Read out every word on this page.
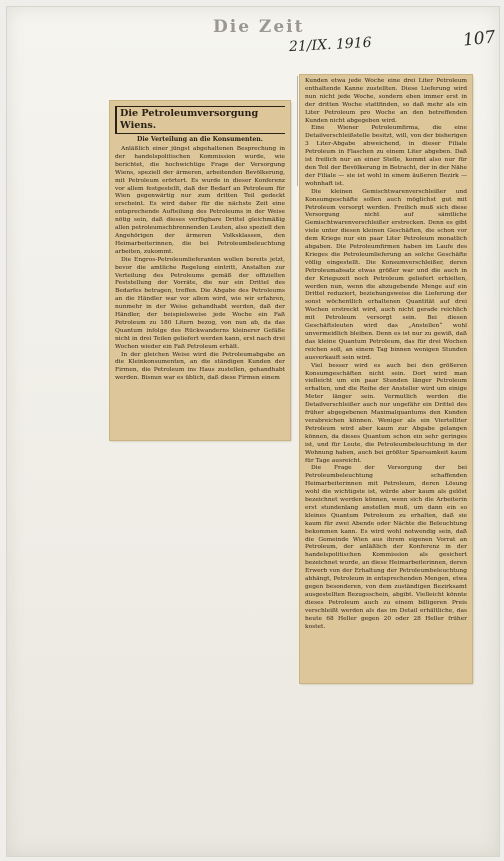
Die Zeit
21/IX. 1916	107
Die Petroleumversorgung Wiens.
Die Verteilung an die Konsumenten.

Anläßlich einer jüngst abgehaltenen Besprechung in der handelspolitischen Kommission wurde, wie berichtet, die hochwichtige Frage der Versorgung Wiens, speziell der ärmeren, arbeitenden Bevölkerung, mit Petroleum erörtert. Es wurde in dieser Konferenz vor allem festgestellt, daß der Bedarf an Petroleum für Wien gegenwärtig nur zum dritten Teil gedeckt erscheint. Es wird daher für die nächste Zeit eine entsprechende Aufteilung des Petroleums in der Weise nötig sein, daß dieses verfügbare Drittel gleichmäßig allen petroleumschbrennenden Leuten, also speziell den Angehörigen der ärmeren Volksklassen, den Heimarbeiterinnen, die bei Petroleumbeleuchtung arbeiten, zukommt.

Die Engros-Petroleumlieferanten wollen bereits jetzt, bevor die amtliche Regelung eintritt, Anstalten zur Verteilung des Petroleums gemäß der offiziellen Feststellung der Vorräte, die nur ein Drittel des Bedarfes betragen, treffen. Die Abgabe des Petroleums an die Händler war vor allem wird, wie wir erfahren, nunmehr in der Weise gehandhabt werden, daß der Händler, der beispielsweise jede Woche ein Faß Petroleum zu 180 Litern bezog, von nun ab, da das Quantum infolge des Rückwanderns kleinerer Gefäße nicht in drei Teilen geliefert werden kann, erst nach drei Wochen wieder ein Faß Petroleum erhält.

In der gleichen Weise wird die Petroleumabgabe an die Kleinkonsumenten, an die ständigen Kunden der Firmen, die Petroleum ins Haus zustellen, gehandhabt werden. Bisnun war es üblich, daß diese Firmen einem

Kunden etwa jede Woche eine drei Liter Petroleum enthaltende Kanne zustellten. Diese Lieferung wird nun nicht jede Woche, sondern eben immer erst in der dritten Woche stattfinden, so daß mehr als ein Liter Petroleum pro Woche an den betreffenden Kunden nicht abgegeben wird.

Eine Wiener Petroleumfirma, die eine Detailverschleißstelle besitzt, will, von der bisherigen 3 Liter-Abgabe abweichend, in dieser Filiale Petroleum in Flaschen zu einem Liter abgeben. Daß ist freilich nur an einer Stelle, kommt also nur für den Teil der Bevölkerung in Betracht, der in der Nähe der Filiale — sie ist wohl in einem äußeren Bezirk — wohnhaft ist.

Die kleinen Gemischtwarenverschleißer und Konsumgeschäfte sollen auch möglichst gut mit Petroleum versorgt werden. Freilich muß sich diese Versorgung nicht auf sämtliche Gemischtwarenverschleißer erstrecken. Denn es gibt viele unter diesen kleinen Geschäften, die schon vor dem Kriege nur ein paar Liter Petroleum monatlich abgaben. Die Petroleumfirmen haben im Laufe des Krieges die Petroleumlieferung an solche Geschäfte völlig eingestellt. Die Konsumverschleißer, deren Petroleumabsatz etwas größer war und die auch in der Kriegszeit noch Petroleum geliefert erhielten, werden nun, wenn die abzugebende Menge auf ein Drittel reduziert, beziehungsweise die Lieferung der sonst wöchentlich erhaltenen Quantität auf drei Wochen erstreckt wird, auch nicht gerade reichlich mit Petroleum versorgt sein. Bei diesen Geschäftsleuten wird das „Anstellen“ wohl unvermeidlich bleiben. Denn es ist nur zu gewiß, daß das kleine Quantum Petroleum, das für drei Wochen reichen soll, an einem Tag binnen wenigen Stunden ausverkauft sein wird.

Viel besser wird es auch bei den größeren Konsumgeschäften nicht sein. Dort wird man vielleicht um ein paar Stunden länger Petroleum erhalten, und die Reihe der Ansteller wird um einige Meter länger sein. Vermutlich werden die Detailverschleißer auch nur ungefähr ein Drittel des früher abgegebenen Maximalquantums den Kunden verabreichen können. Weniger als ein Viertelliter Petroleum wird aber kaum zur Abgabe gelangen können, da dieses Quantum schon ein sehr geringes ist, und für Leute, die Petroleumbeleuchtung in der Wohnung haben, auch bei größter Sparsamkeit kaum für Tage ausreicht.

Die Frage der Versorgung der bei Petroleumbeleuchtung schaffenden Heimarbeiterinnen mit Petroleum, deren Lösung wohl die wichtigste ist, würde aber kaum als gelöst bezeichnet werden können, wenn sich die Arbeiterin erst stundenlang anstellen muß, um dann ein so kleines Quantum Petroleum zu erhalten, daß sie kaum für zwei Abende oder Nächte die Beleuchtung bekommen kann. Es wird wohl notwendig sein, daß die Gemeinde Wien aus ihrem eigenen Vorrat an Petroleum, der anläßlich der Konferenz in der handelspolitischen Kommission als gesichert bezeichnet wurde, an diese Heimarbeiterinnen, deren Erwerb von der Erhaltung der Petroleumbeleuchtung abhängt, Petroleum in entsprechenden Mengen, etwa gegen besonderen, von dem zuständigen Bezirksamt ausgestellten Bezugsschein, abgibt. Vielleicht könnte dieses Petroleum auch zu einem billigeren Preis verschleißt werden als das im Detail erhältliche, das heute 68 Heller gegen 20 oder 28 Heller früher kostet.
